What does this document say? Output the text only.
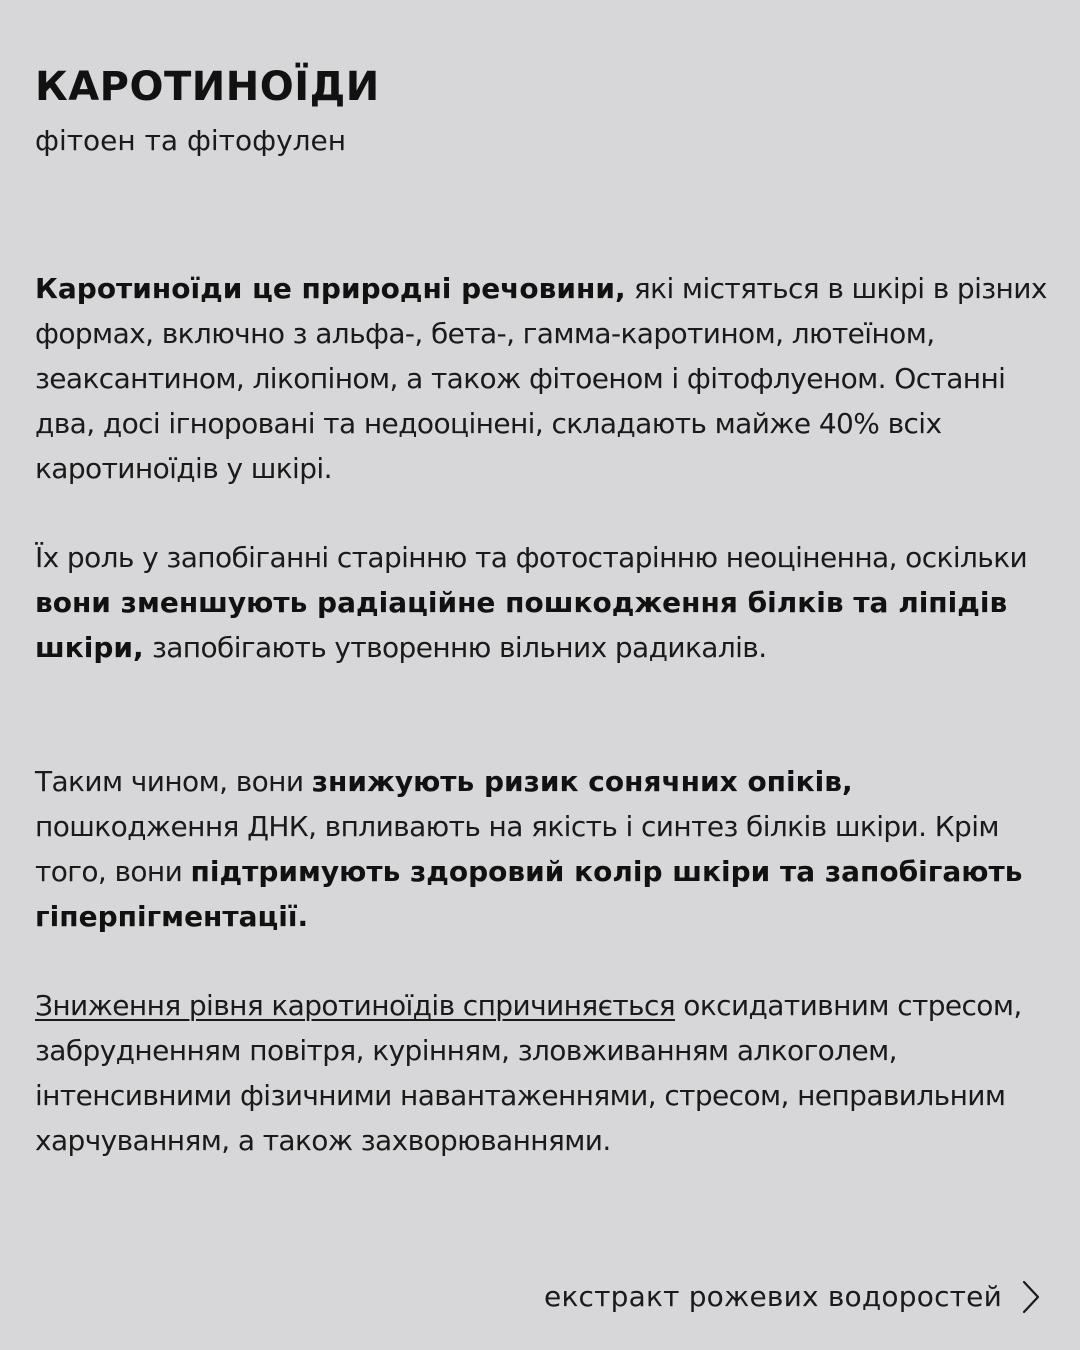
КАРОТИНОЇДИ

фітоен та фітофулен

Каротиноїди це природні речовини, які містяться в шкірі в різних формах, включно з альфа-, бета-, гамма-каротином, лютеїном, зеаксантином, лікопіном, а також фітоеном і фітофлуеном. Останні два, досі ігноровані та недооцінені, складають майже 40% всіх каротиноїдів у шкірі.

Їх роль у запобіганні старінню та фотостарінню неоціненна, оскільки вони зменшують радіаційне пошкодження білків та ліпідів шкіри, запобігають утворенню вільних радикалів.

Таким чином, вони знижують ризик сонячних опіків, пошкодження ДНК, впливають на якість і синтез білків шкіри. Крім того, вони підтримують здоровий колір шкіри та запобігають гіперпігментації.

Зниження рівня каротиноїдів спричиняється оксидативним стресом, забрудненням повітря, курінням, зловживанням алкоголем, інтенсивними фізичними навантаженнями, стресом, неправильним харчуванням, а також захворюваннями.

екстракт рожевих водоростей
